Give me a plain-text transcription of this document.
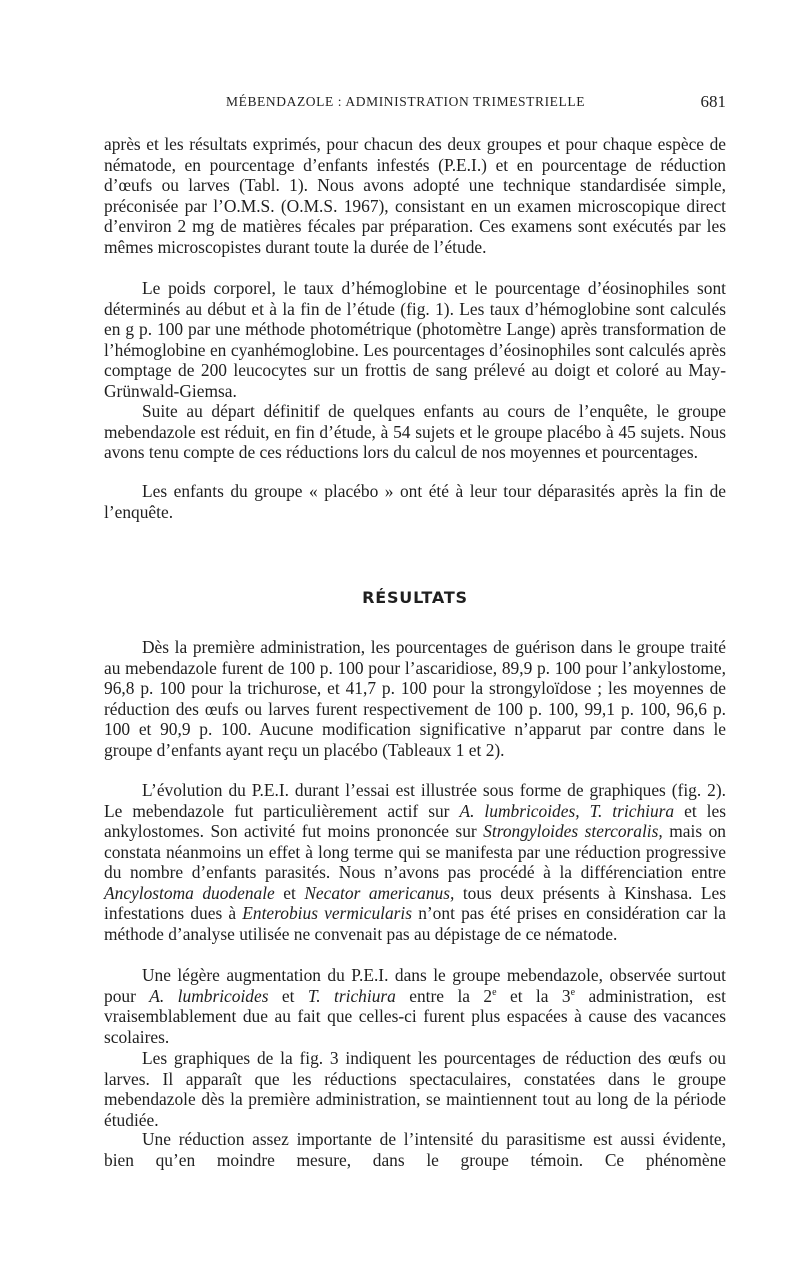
MÉBENDAZOLE : ADMINISTRATION TRIMESTRIELLE	681

après et les résultats exprimés, pour chacun des deux groupes et pour chaque espèce de nématode, en pourcentage d’enfants infestés (P.E.I.) et en pourcentage de réduction d’œufs ou larves (Tabl. 1). Nous avons adopté une technique standardisée simple, préconisée par l’O.M.S. (O.M.S. 1967), consistant en un examen microscopique direct d’environ 2 mg de matières fécales par préparation. Ces examens sont exécutés par les mêmes microscopistes durant toute la durée de l’étude.

Le poids corporel, le taux d’hémoglobine et le pourcentage d’éosinophiles sont déterminés au début et à la fin de l’étude (fig. 1). Les taux d’hémoglobine sont calculés en g p. 100 par une méthode photométrique (photomètre Lange) après transformation de l’hémoglobine en cyanhémoglobine. Les pourcentages d’éosinophiles sont calculés après comptage de 200 leucocytes sur un frottis de sang prélevé au doigt et coloré au May-Grünwald-Giemsa.

Suite au départ définitif de quelques enfants au cours de l’enquête, le groupe mebendazole est réduit, en fin d’étude, à 54 sujets et le groupe placébo à 45 sujets. Nous avons tenu compte de ces réductions lors du calcul de nos moyennes et pourcentages.

Les enfants du groupe « placébo » ont été à leur tour déparasités après la fin de l’enquête.

RÉSULTATS

Dès la première administration, les pourcentages de guérison dans le groupe traité au mebendazole furent de 100 p. 100 pour l’ascaridiose, 89,9 p. 100 pour l’ankylostome, 96,8 p. 100 pour la trichurose, et 41,7 p. 100 pour la strongyloïdose ; les moyennes de réduction des œufs ou larves furent respectivement de 100 p. 100, 99,1 p. 100, 96,6 p. 100 et 90,9 p. 100. Aucune modification significative n’apparut par contre dans le groupe d’enfants ayant reçu un placébo (Tableaux 1 et 2).

L’évolution du P.E.I. durant l’essai est illustrée sous forme de graphiques (fig. 2). Le mebendazole fut particulièrement actif sur A. lumbricoides, T. trichiura et les ankylostomes. Son activité fut moins prononcée sur Strongyloides stercoralis, mais on constata néanmoins un effet à long terme qui se manifesta par une réduction progressive du nombre d’enfants parasités. Nous n’avons pas procédé à la différenciation entre Ancylostoma duodenale et Necator americanus, tous deux présents à Kinshasa. Les infestations dues à Enterobius vermicularis n’ont pas été prises en considération car la méthode d’analyse utilisée ne convenait pas au dépistage de ce nématode.

Une légère augmentation du P.E.I. dans le groupe mebendazole, observée surtout pour A. lumbricoides et T. trichiura entre la 2e et la 3e administration, est vraisemblablement due au fait que celles-ci furent plus espacées à cause des vacances scolaires.

Les graphiques de la fig. 3 indiquent les pourcentages de réduction des œufs ou larves. Il apparaît que les réductions spectaculaires, constatées dans le groupe mebendazole dès la première administration, se maintiennent tout au long de la période étudiée.

Une réduction assez importante de l’intensité du parasitisme est aussi évidente, bien qu’en moindre mesure, dans le groupe témoin. Ce phénomène
